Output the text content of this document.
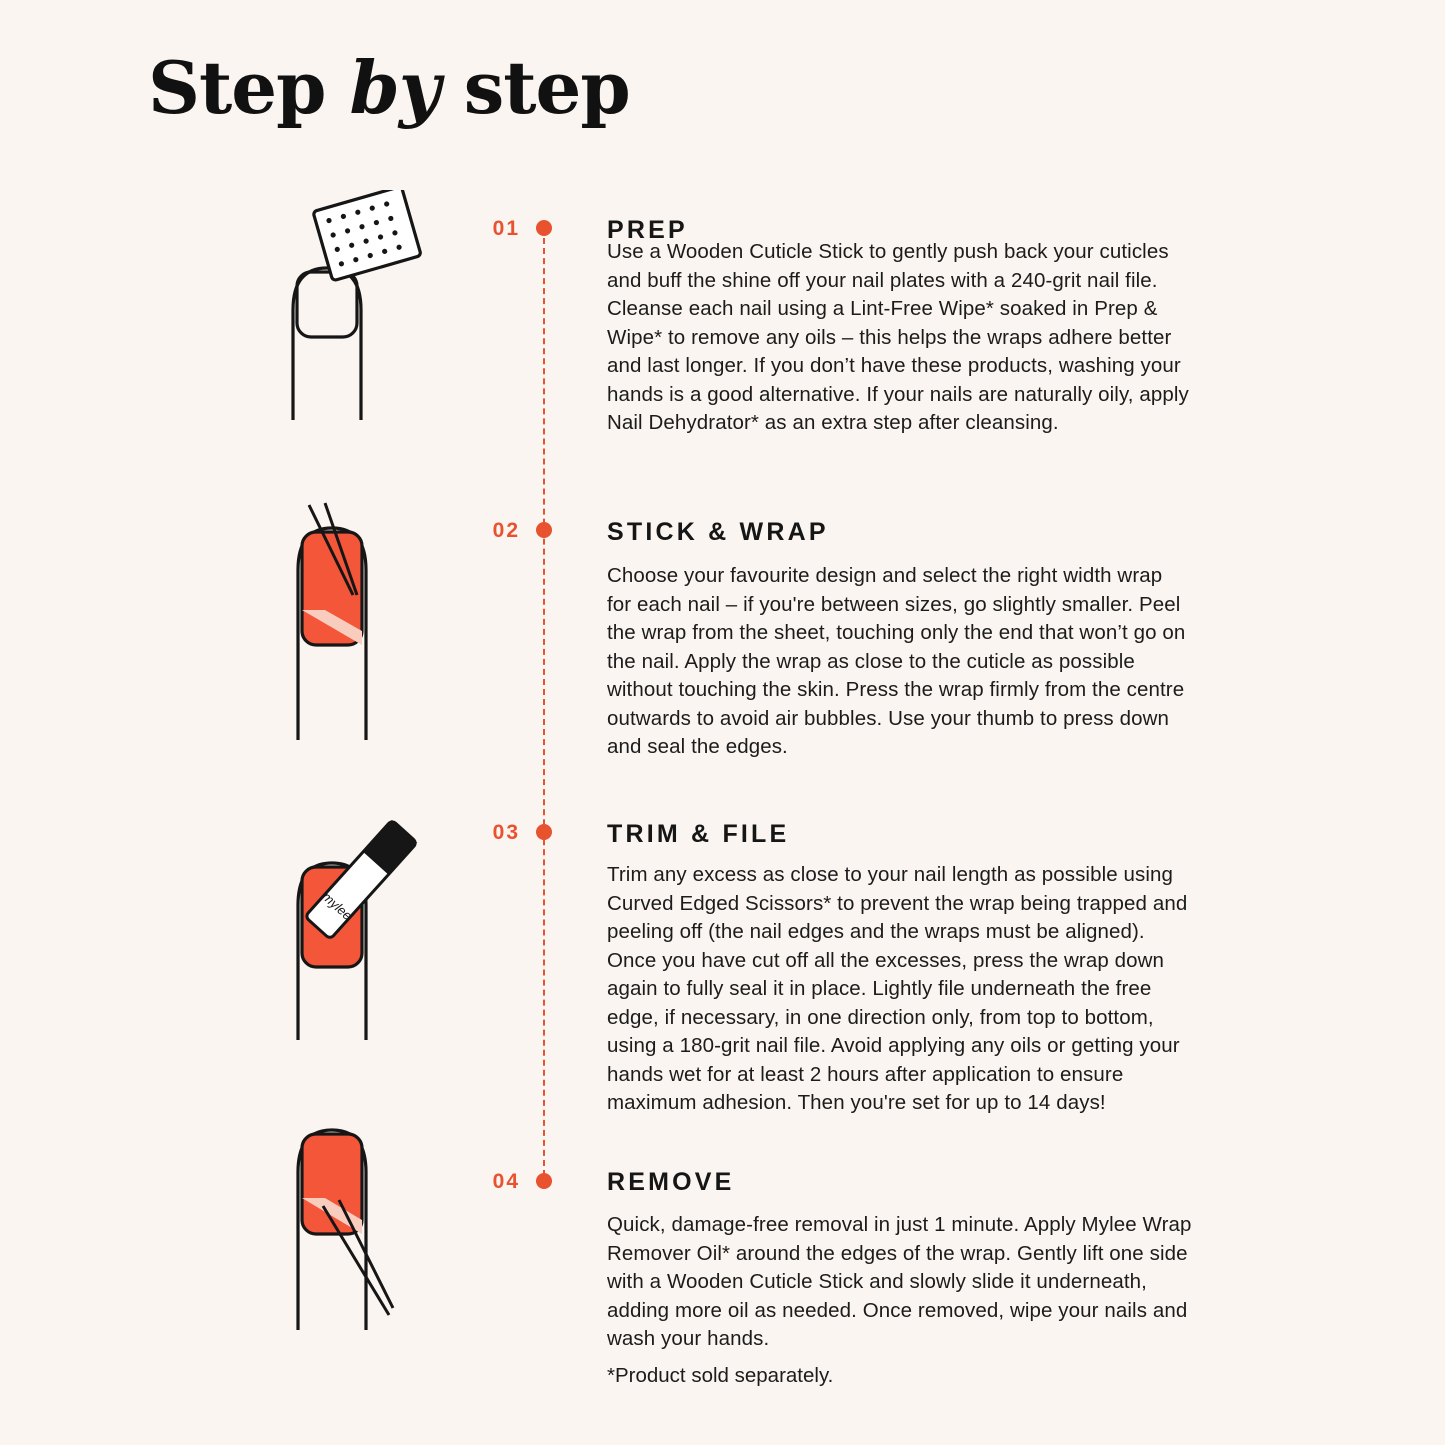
Step by step
01	PREP
Use a Wooden Cuticle Stick to gently push back your cuticles and buff the shine off your nail plates with a 240-grit nail file. Cleanse each nail using a Lint-Free Wipe* soaked in Prep & Wipe* to remove any oils – this helps the wraps adhere better and last longer. If you don’t have these products, washing your hands is a good alternative. If your nails are naturally oily, apply Nail Dehydrator* as an extra step after cleansing.
02	STICK & WRAP
Choose your favourite design and select the right width wrap for each nail – if you're between sizes, go slightly smaller. Peel the wrap from the sheet, touching only the end that won’t go on the nail. Apply the wrap as close to the cuticle as possible without touching the skin. Press the wrap firmly from the centre outwards to avoid air bubbles. Use your thumb to press down and seal the edges.
mylee
03	TRIM & FILE
Trim any excess as close to your nail length as possible using Curved Edged Scissors* to prevent the wrap being trapped and peeling off (the nail edges and the wraps must be aligned). Once you have cut off all the excesses, press the wrap down again to fully seal it in place. Lightly file underneath the free edge, if necessary, in one direction only, from top to bottom, using a 180-grit nail file. Avoid applying any oils or getting your hands wet for at least 2 hours after application to ensure maximum adhesion. Then you're set for up to 14 days!
04	REMOVE
Quick, damage-free removal in just 1 minute. Apply Mylee Wrap Remover Oil* around the edges of the wrap. Gently lift one side with a Wooden Cuticle Stick and slowly slide it underneath, adding more oil as needed. Once removed, wipe your nails and wash your hands.
*Product sold separately.
